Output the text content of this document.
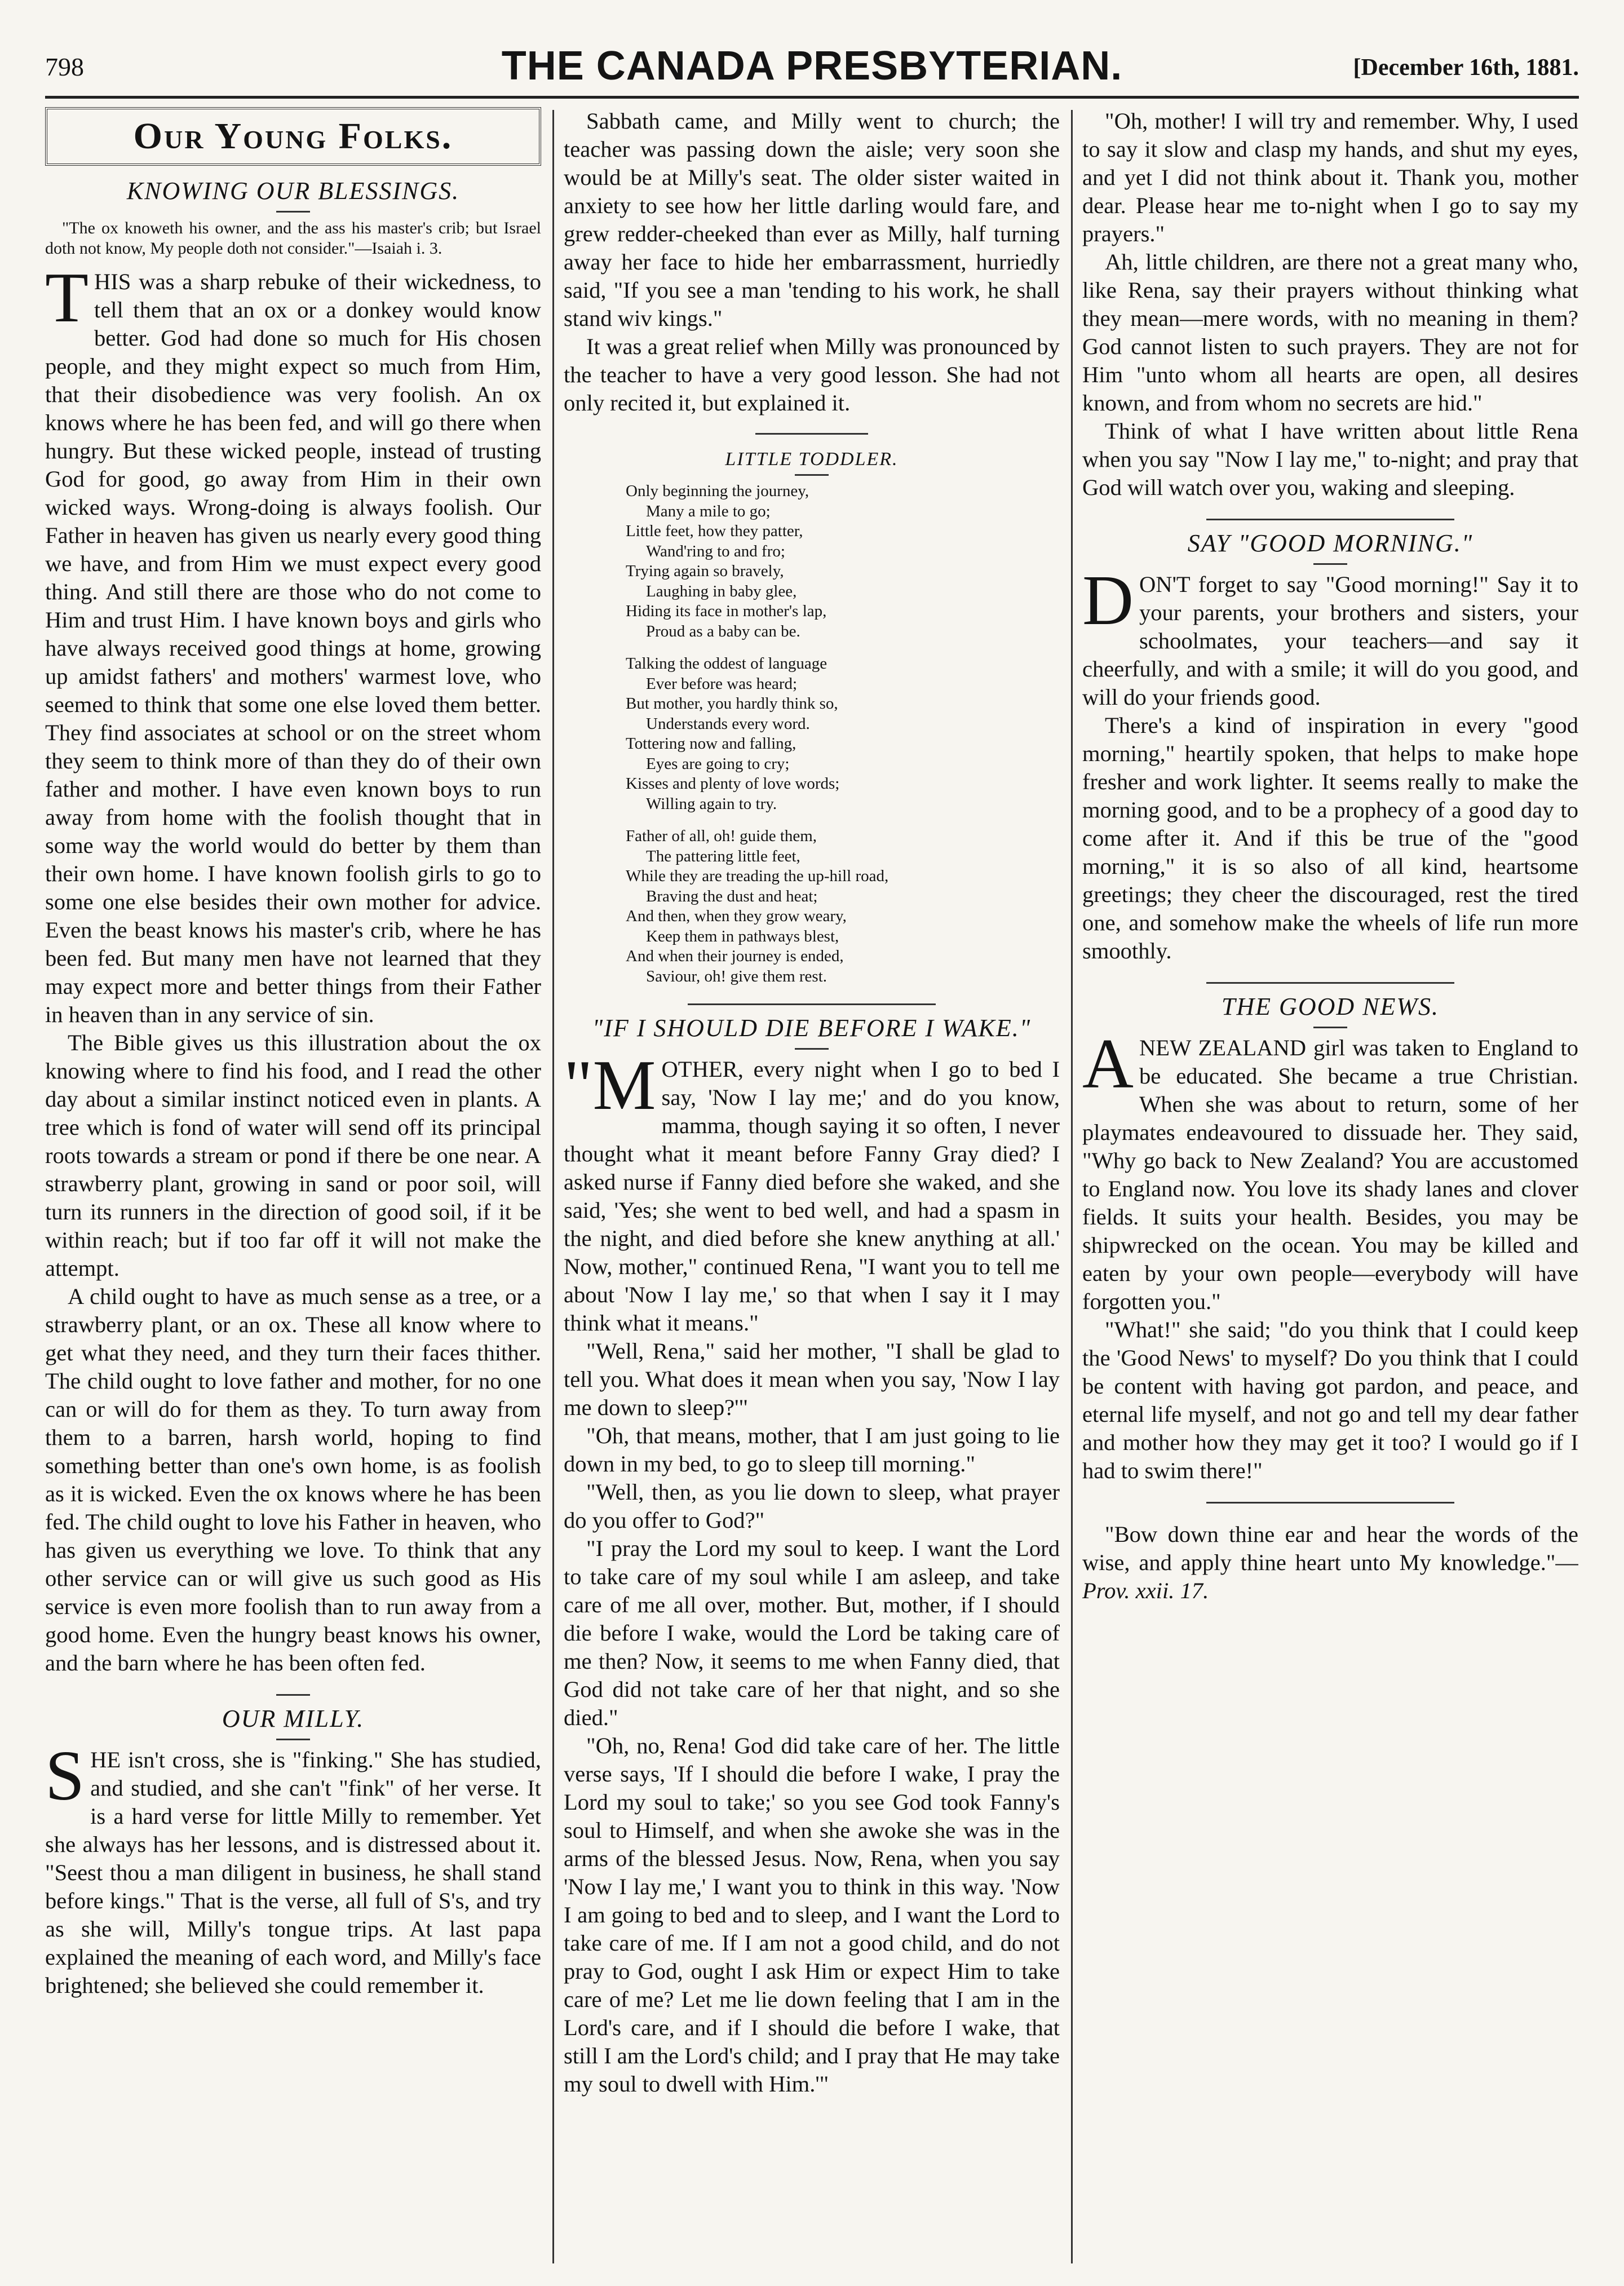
798	THE CANADA PRESBYTERIAN.	[December 16th, 1881.
Our Young Folks.
KNOWING OUR BLESSINGS.

"The ox knoweth his owner, and the ass his master's crib; but Israel doth not know, My people doth not consider."—Isaiah i. 3.

THIS was a sharp rebuke of their wickedness, to tell them that an ox or a donkey would know better. God had done so much for His chosen people, and they might expect so much from Him, that their disobedience was very foolish. An ox knows where he has been fed, and will go there when hungry. But these wicked people, instead of trusting God for good, go away from Him in their own wicked ways. Wrong-doing is always foolish. Our Father in heaven has given us nearly every good thing we have, and from Him we must expect every good thing. And still there are those who do not come to Him and trust Him. I have known boys and girls who have always received good things at home, growing up amidst fathers' and mothers' warmest love, who seemed to think that some one else loved them better. They find associates at school or on the street whom they seem to think more of than they do of their own father and mother. I have even known boys to run away from home with the foolish thought that in some way the world would do better by them than their own home. I have known foolish girls to go to some one else besides their own mother for advice. Even the beast knows his master's crib, where he has been fed. But many men have not learned that they may expect more and better things from their Father in heaven than in any service of sin.

The Bible gives us this illustration about the ox knowing where to find his food, and I read the other day about a similar instinct noticed even in plants. A tree which is fond of water will send off its principal roots towards a stream or pond if there be one near. A strawberry plant, growing in sand or poor soil, will turn its runners in the direction of good soil, if it be within reach; but if too far off it will not make the attempt.

A child ought to have as much sense as a tree, or a strawberry plant, or an ox. These all know where to get what they need, and they turn their faces thither. The child ought to love father and mother, for no one can or will do for them as they. To turn away from them to a barren, harsh world, hoping to find something better than one's own home, is as foolish as it is wicked. Even the ox knows where he has been fed. The child ought to love his Father in heaven, who has given us everything we love. To think that any other service can or will give us such good as His service is even more foolish than to run away from a good home. Even the hungry beast knows his owner, and the barn where he has been often fed.

OUR MILLY.

SHE isn't cross, she is "finking." She has studied, and studied, and she can't "fink" of her verse. It is a hard verse for little Milly to remember. Yet she always has her lessons, and is distressed about it. "Seest thou a man diligent in business, he shall stand before kings." That is the verse, all full of S's, and try as she will, Milly's tongue trips. At last papa explained the meaning of each word, and Milly's face brightened; she believed she could remember it.

Sabbath came, and Milly went to church; the teacher was passing down the aisle; very soon she would be at Milly's seat. The older sister waited in anxiety to see how her little darling would fare, and grew redder-cheeked than ever as Milly, half turning away her face to hide her embarrassment, hurriedly said, "If you see a man 'tending to his work, he shall stand wiv kings."

It was a great relief when Milly was pronounced by the teacher to have a very good lesson. She had not only recited it, but explained it.

LITTLE TODDLER.
Only beginning the journey,
Many a mile to go;
Little feet, how they patter,
Wand'ring to and fro;
Trying again so bravely,
Laughing in baby glee,
Hiding its face in mother's lap,
Proud as a baby can be.
Talking the oddest of language
Ever before was heard;
But mother, you hardly think so,
Understands every word.
Tottering now and falling,
Eyes are going to cry;
Kisses and plenty of love words;
Willing again to try.
Father of all, oh! guide them,
The pattering little feet,
While they are treading the up-hill road,
Braving the dust and heat;
And then, when they grow weary,
Keep them in pathways blest,
And when their journey is ended,
Saviour, oh! give them rest.
"IF I SHOULD DIE BEFORE I WAKE."

"M OTHER, every night when I go to bed I say, 'Now I lay me;' and do you know, mamma, though saying it so often, I never thought what it meant before Fanny Gray died? I asked nurse if Fanny died before she waked, and she said, 'Yes; she went to bed well, and had a spasm in the night, and died before she knew anything at all.' Now, mother," continued Rena, "I want you to tell me about 'Now I lay me,' so that when I say it I may think what it means."

"Well, Rena," said her mother, "I shall be glad to tell you. What does it mean when you say, 'Now I lay me down to sleep?'"

"Oh, that means, mother, that I am just going to lie down in my bed, to go to sleep till morning."

"Well, then, as you lie down to sleep, what prayer do you offer to God?"

"I pray the Lord my soul to keep. I want the Lord to take care of my soul while I am asleep, and take care of me all over, mother. But, mother, if I should die before I wake, would the Lord be taking care of me then? Now, it seems to me when Fanny died, that God did not take care of her that night, and so she died."

"Oh, no, Rena! God did take care of her. The little verse says, 'If I should die before I wake, I pray the Lord my soul to take;' so you see God took Fanny's soul to Himself, and when she awoke she was in the arms of the blessed Jesus. Now, Rena, when you say 'Now I lay me,' I want you to think in this way. 'Now I am going to bed and to sleep, and I want the Lord to take care of me. If I am not a good child, and do not pray to God, ought I ask Him or expect Him to take care of me? Let me lie down feeling that I am in the Lord's care, and if I should die before I wake, that still I am the Lord's child; and I pray that He may take my soul to dwell with Him.'"

"Oh, mother! I will try and remember. Why, I used to say it slow and clasp my hands, and shut my eyes, and yet I did not think about it. Thank you, mother dear. Please hear me to-night when I go to say my prayers."

Ah, little children, are there not a great many who, like Rena, say their prayers without thinking what they mean—mere words, with no meaning in them? God cannot listen to such prayers. They are not for Him "unto whom all hearts are open, all desires known, and from whom no secrets are hid."

Think of what I have written about little Rena when you say "Now I lay me," to-night; and pray that God will watch over you, waking and sleeping.

SAY "GOOD MORNING."

DON'T forget to say "Good morning!" Say it to your parents, your brothers and sisters, your schoolmates, your teachers—and say it cheerfully, and with a smile; it will do you good, and will do your friends good.

There's a kind of inspiration in every "good morning," heartily spoken, that helps to make hope fresher and work lighter. It seems really to make the morning good, and to be a prophecy of a good day to come after it. And if this be true of the "good morning," it is so also of all kind, heartsome greetings; they cheer the discouraged, rest the tired one, and somehow make the wheels of life run more smoothly.

THE GOOD NEWS.

ANEW ZEALAND girl was taken to England to be educated. She became a true Christian. When she was about to return, some of her playmates endeavoured to dissuade her. They said, "Why go back to New Zealand? You are accustomed to England now. You love its shady lanes and clover fields. It suits your health. Besides, you may be shipwrecked on the ocean. You may be killed and eaten by your own people—everybody will have forgotten you."

"What!" she said; "do you think that I could keep the 'Good News' to myself? Do you think that I could be content with having got pardon, and peace, and eternal life myself, and not go and tell my dear father and mother how they may get it too? I would go if I had to swim there!"

"Bow down thine ear and hear the words of the wise, and apply thine heart unto My knowledge."—Prov. xxii. 17.
